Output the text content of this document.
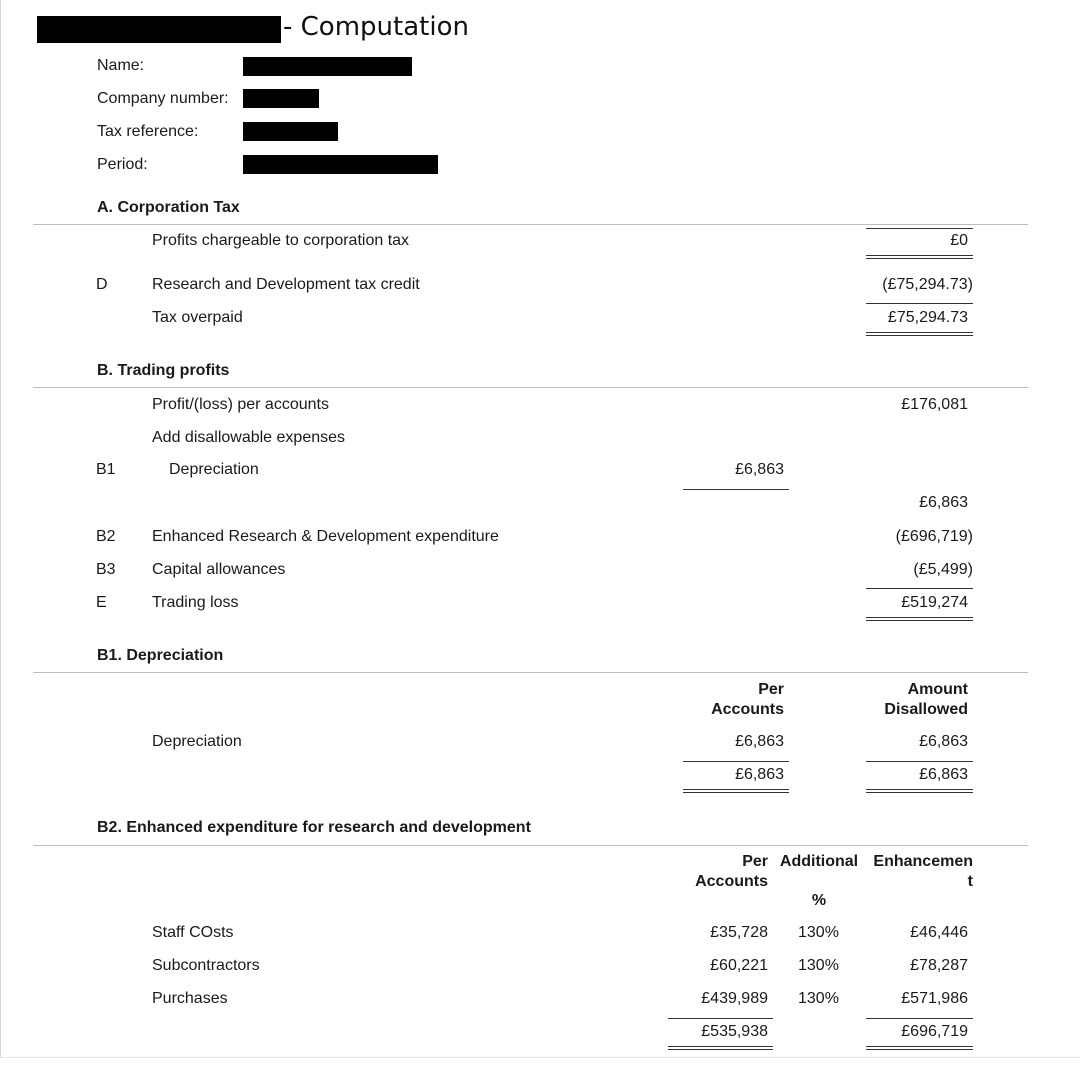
- Computation
Name:
Company number:
Tax reference:
Period:
A. Corporation Tax
Profits chargeable to corporation tax	£0
D	Research and Development tax credit	(£75,294.73)
Tax overpaid	£75,294.73
B. Trading profits
Profit/(loss) per accounts	£176,081
Add disallowable expenses
B1	Depreciation	£6,863
£6,863
B2 Enhanced Research & Development expenditure	(£696,719)
B3 Capital allowances	(£5,499)
E	Trading loss	£519,274
B1. Depreciation
Per
Accounts
Amount
Disallowed
Depreciation	£6,863	£6,863
£6,863	£6,863
B2. Enhanced expenditure for research and development
Per
Accounts
Additional
%
Enhancemen
t
Staff COsts	£35,728 130%	£46,446
Subcontractors	£60,221 130%	£78,287
Purchases	£439,989 130%	£571,986
£535,938	£696,719
